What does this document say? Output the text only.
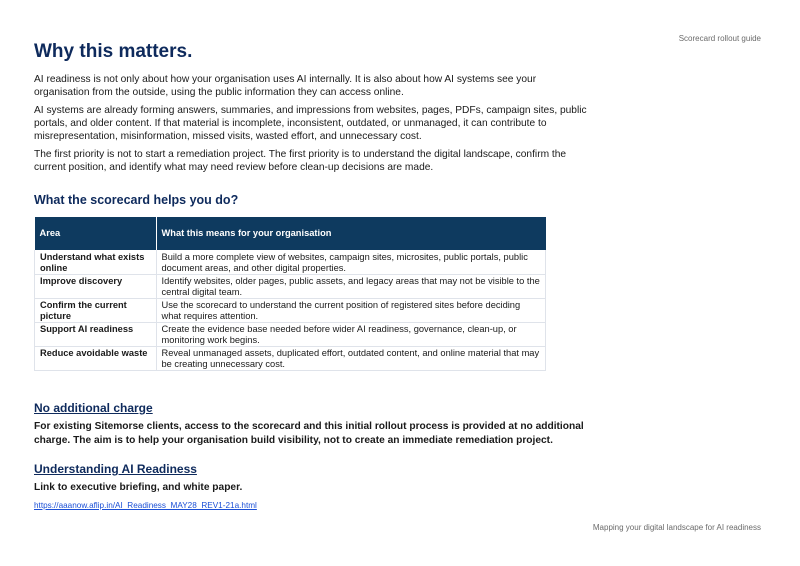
Scorecard rollout guide
Why this matters.

AI readiness is not only about how your organisation uses AI internally. It is also about how AI systems see your organisation from the outside, using the public information they can access online.

AI systems are already forming answers, summaries, and impressions from websites, pages, PDFs, campaign sites, public portals, and older content. If that material is incomplete, inconsistent, outdated, or unmanaged, it can contribute to misrepresentation, misinformation, missed visits, wasted effort, and unnecessary cost.

The first priority is not to start a remediation project. The first priority is to understand the digital landscape, confirm the current position, and identify what may need review before clean-up decisions are made.

What the scorecard helps you do?
Area	What this means for your organisation
Understand what exists online	Build a more complete view of websites, campaign sites, microsites, public portals, public document areas, and other digital properties.
Improve discovery	Identify websites, older pages, public assets, and legacy areas that may not be visible to the central digital team.
Confirm the current picture	Use the scorecard to understand the current position of registered sites before deciding what requires attention.
Support AI readiness	Create the evidence base needed before wider AI readiness, governance, clean-up, or monitoring work begins.
Reduce avoidable waste	Reveal unmanaged assets, duplicated effort, outdated content, and online material that may be creating unnecessary cost.
No additional charge

For existing Sitemorse clients, access to the scorecard and this initial rollout process is provided at no additional charge. The aim is to help your organisation build visibility, not to create an immediate remediation project.

Understanding AI Readiness

Link to executive briefing, and white paper.

https://aaanow.aflip.in/AI_Readiness_MAY28_REV1-21a.html
Mapping your digital landscape for AI readiness
